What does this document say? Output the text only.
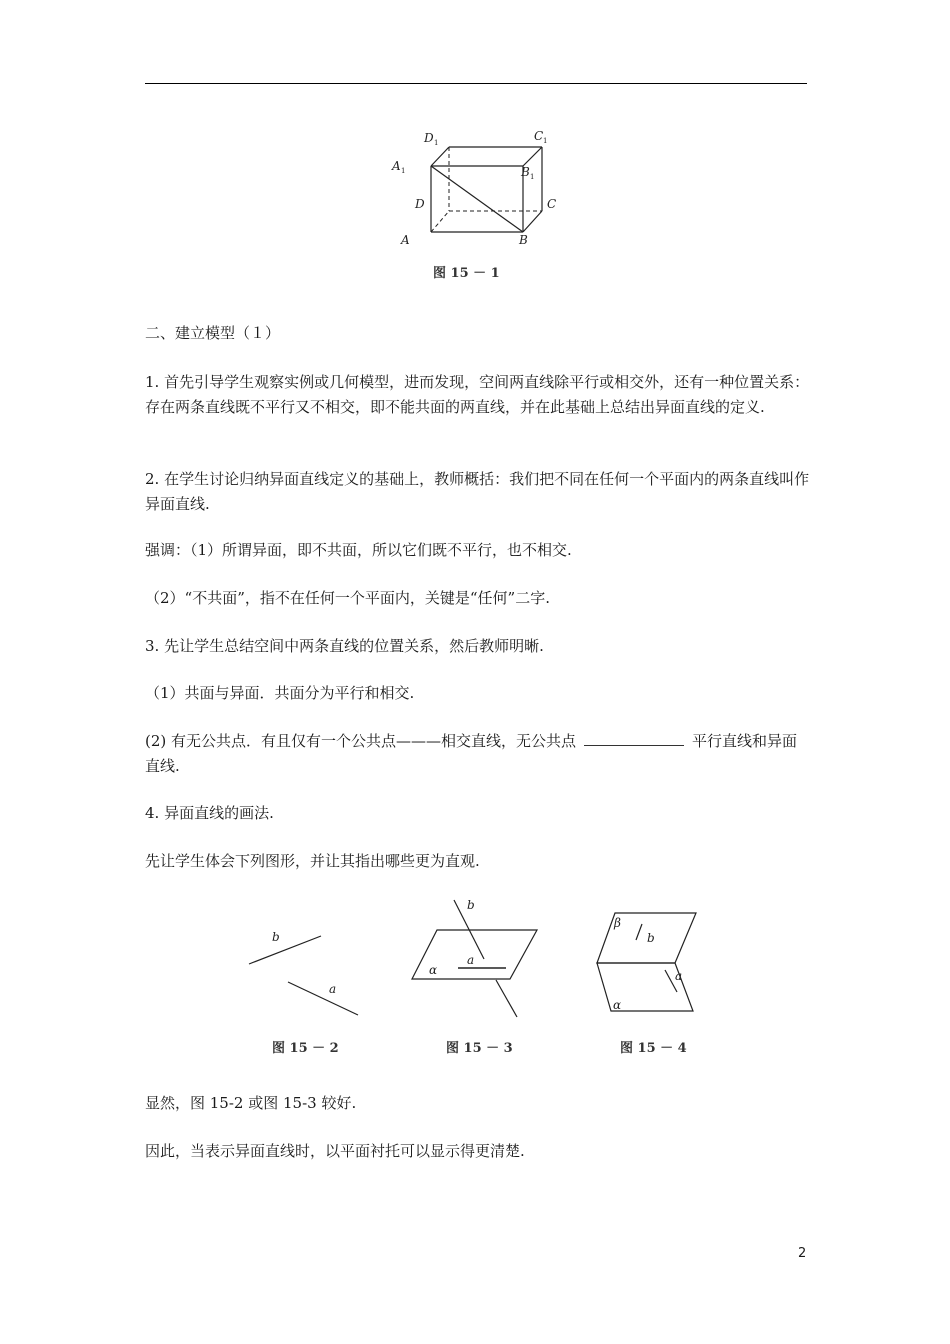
D 1	C 1
A 1	B 1
D	C
A	B
图 15 － 1

二、建立模型（１）

1. 首先引导学生观察实例或几何模型，进而发现，空间两直线除平行或相交外，还有一种位置关系：存在两条直线既不平行又不相交，即不能共面的两直线，并在此基础上总结出异面直线的定义.

2. 在学生讨论归纳异面直线定义的基础上，教师概括：我们把不同在任何一个平面内的两条直线叫作异面直线.

强调：（1）所谓异面，即不共面，所以它们既不平行，也不相交.

（2）“不共面”，指不在任何一个平面内，关键是“任何”二字.

3. 先让学生总结空间中两条直线的位置关系，然后教师明晰.

（1）共面与异面．共面分为平行和相交.

(2) 有无公共点．有且仅有一个公共点———相交直线，无公共点	平行直线和异面直线.

4. 异面直线的画法.

先让学生体会下列图形，并让其指出哪些更为直观.

b
a
图 15 － 2
b
a
α
图 15 － 3
β
b
a
α
图 15 － 4

显然，图 15-2 或图 15-3 较好.

因此，当表示异面直线时，以平面衬托可以显示得更清楚.

2
